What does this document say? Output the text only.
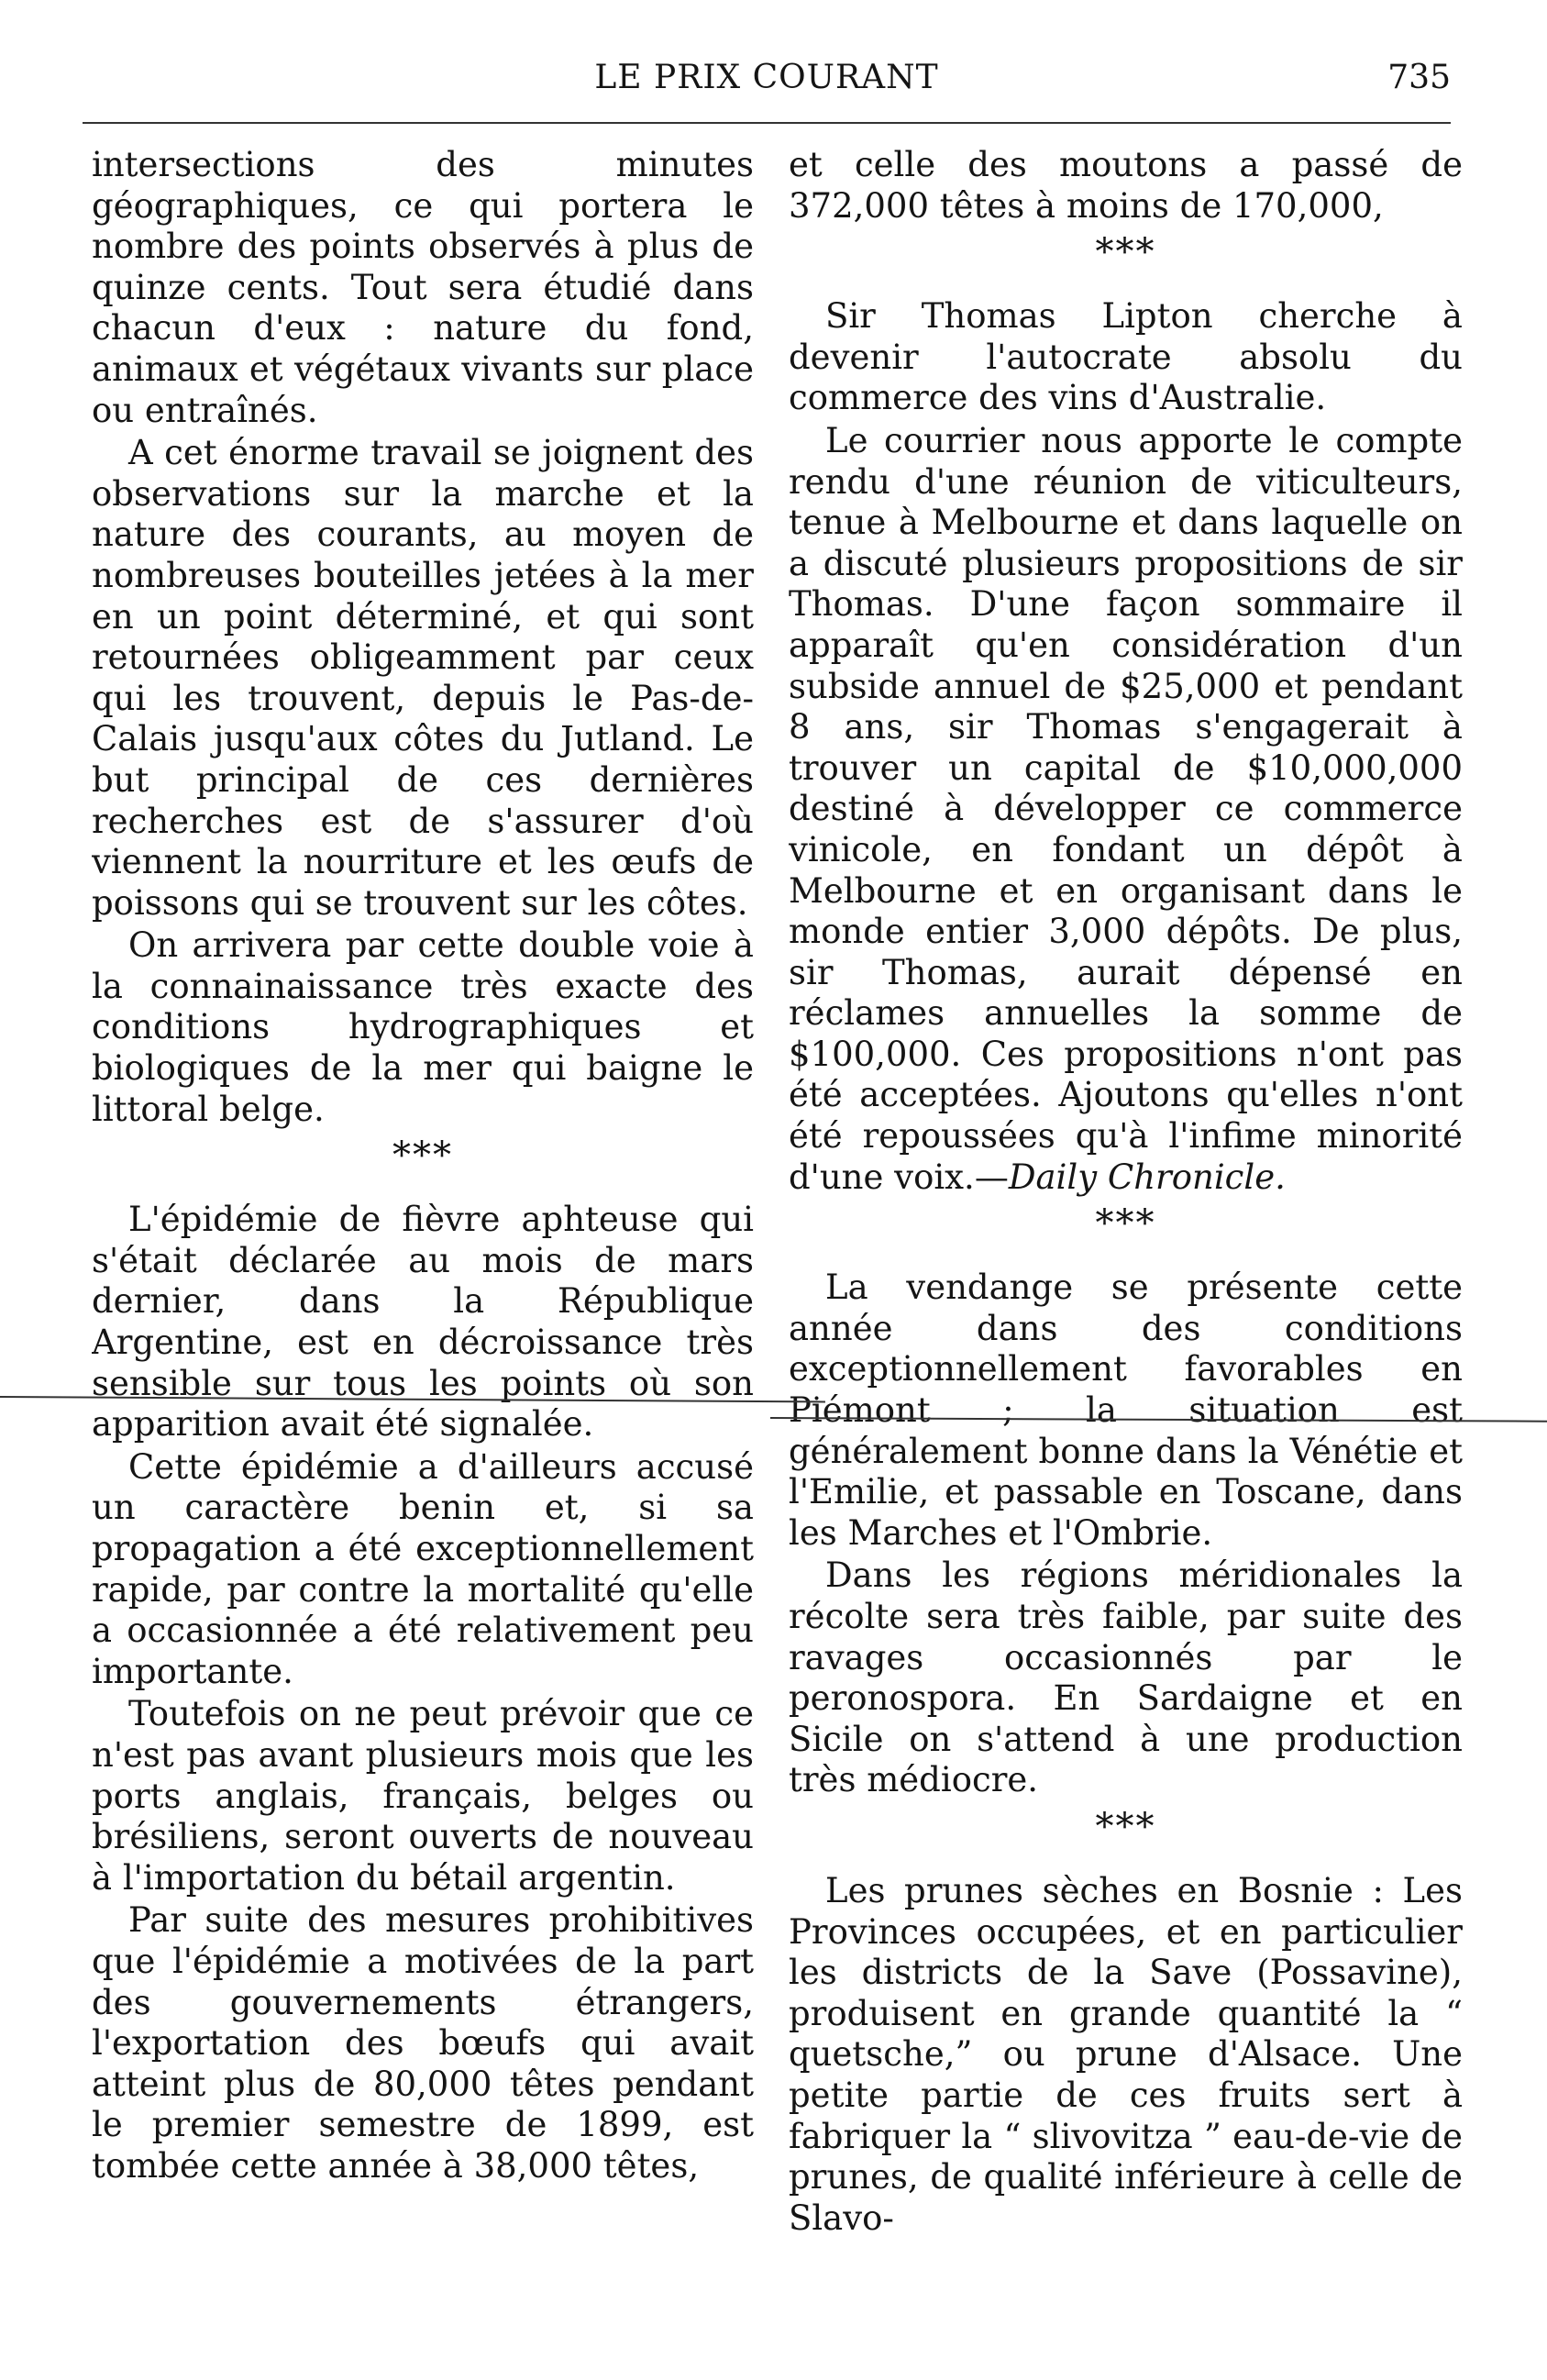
LE PRIX COURANT	735

intersections des minutes géographiques, ce qui portera le nombre des points observés à plus de quinze cents. Tout sera étudié dans chacun d'eux : nature du fond, animaux et végétaux vivants sur place ou entraînés.

A cet énorme travail se joignent des observations sur la marche et la nature des courants, au moyen de nombreuses bouteilles jetées à la mer en un point déterminé, et qui sont retournées obligeamment par ceux qui les trouvent, depuis le Pas-de-Calais jusqu'aux côtes du Jutland. Le but principal de ces dernières recherches est de s'assurer d'où viennent la nourriture et les œufs de poissons qui se trouvent sur les côtes.

On arrivera par cette double voie à la connainaissance très exacte des conditions hydrographiques et biologiques de la mer qui baigne le littoral belge.

***

L'épidémie de fièvre aphteuse qui s'était déclarée au mois de mars dernier, dans la République Argentine, est en décroissance très sensible sur tous les points où son apparition avait été signalée.

Cette épidémie a d'ailleurs accusé un caractère benin et, si sa propagation a été exceptionnellement rapide, par contre la mortalité qu'elle a occasionnée a été relativement peu importante.

Toutefois on ne peut prévoir que ce n'est pas avant plusieurs mois que les ports anglais, français, belges ou brésiliens, seront ouverts de nouveau à l'importation du bétail argentin.

Par suite des mesures prohibitives que l'épidémie a motivées de la part des gouvernements étrangers, l'exportation des bœufs qui avait atteint plus de 80,000 têtes pendant le premier semestre de 1899, est tombée cette année à 38,000 têtes,

et celle des moutons a passé de 372,000 têtes à moins de 170,000,

***

Sir Thomas Lipton cherche à devenir l'autocrate absolu du commerce des vins d'Australie.

Le courrier nous apporte le compte rendu d'une réunion de viticulteurs, tenue à Melbourne et dans laquelle on a discuté plusieurs propositions de sir Thomas. D'une façon sommaire il apparaît qu'en considération d'un subside annuel de $25,000 et pendant 8 ans, sir Thomas s'engagerait à trouver un capital de $10,000,000 destiné à développer ce commerce vinicole, en fondant un dépôt à Melbourne et en organisant dans le monde entier 3,000 dépôts. De plus, sir Thomas, aurait dépensé en réclames annuelles la somme de $100,000. Ces propositions n'ont pas été acceptées. Ajoutons qu'elles n'ont été repoussées qu'à l'infime minorité d'une voix.—Daily Chronicle.

***

La vendange se présente cette année dans des conditions exceptionnellement favorables en Piémont ; la situation est généralement bonne dans la Vénétie et l'Emilie, et passable en Toscane, dans les Marches et l'Ombrie.

Dans les régions méridionales la récolte sera très faible, par suite des ravages occasionnés par le peronospora. En Sardaigne et en Sicile on s'attend à une production très médiocre.

***

Les prunes sèches en Bosnie : Les Provinces occupées, et en particulier les districts de la Save (Possavine), produisent en grande quantité la “ quetsche,” ou prune d'Alsace. Une petite partie de ces fruits sert à fabriquer la “ slivovitza ” eau-de-vie de prunes, de qualité inférieure à celle de Slavo-
